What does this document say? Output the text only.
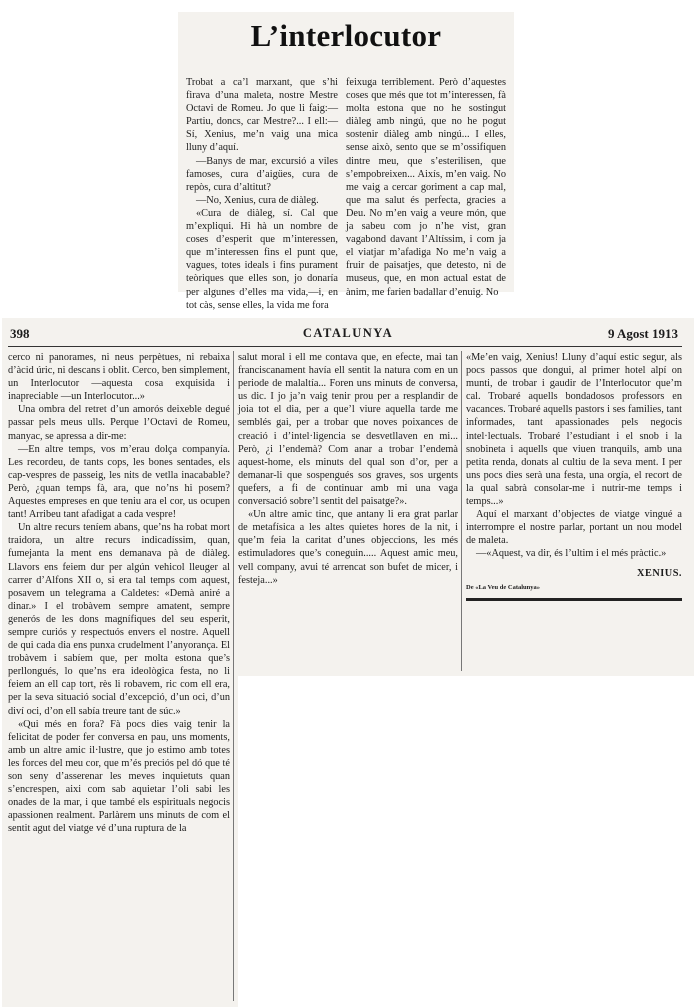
L’interlocutor

Trobat a ca’l marxant, que s’hi firava d’una maleta, nostre Mestre Octavi de Romeu. Jo que li faig:—Partiu, doncs, car Mestre?... I ell:—Sí, Xenius, me’n vaig una mica lluny d’aquí.

—Banys de mar, excursió a viles famoses, cura d’aigües, cura de repòs, cura d’altitut?

—No, Xenius, cura de diàleg.

«Cura de diàleg, sí. Cal que m’expliqui. Hi hà un nombre de coses d’esperit que m’interessen, que m’interessen fins el punt que, vagues, totes ideals i fins purament teòriques que elles son, jo donaría per algunes d’elles ma vida,—i, en tot càs, sense elles, la vida me fora

feixuga terriblement. Però d’aquestes coses que més que tot m’interessen, fà molta estona que no he sostingut diàleg amb ningú, que no he pogut sostenir diàleg amb ningú... I elles, sense això, sento que se m’ossifiquen dintre meu, que s’esterilisen, que s’empobreixen... Aixís, m’en vaig. No me vaig a cercar goriment a cap mal, que ma salut és perfecta, gracies a Deu. No m’en vaig a veure món, que ja sabeu com jo n’he vist, gran vagabond davant l’Altíssim, i com ja el viatjar m’afadiga No me’n vaig a fruir de paisatjes, que detesto, ni de museus, que, en mon actual estat de ànim, me farien badallar d’enuig. No

398	CATALUNYA	9 Agost 1913

cerco ni panorames, ni neus perpètues, ni rebaixa d’àcid úric, ni descans i oblit. Cerco, ben simplement, un Interlocutor —aquesta cosa exquisida i inapreciable —un Interlocutor...»

Una ombra del retret d’un amorós deixeble degué passar pels meus ulls. Perque l’Octavi de Romeu, manyac, se apressa a dir-me:

—En altre temps, vos m’erau dolça companyía. Les recordeu, de tants cops, les bones sentades, els cap-vespres de passeig, les nits de vetlla inacabable? Però, ¿quan temps fà, ara, que no’ns hi posem? Aquestes empreses en que teniu ara el cor, us ocupen tant! Arribeu tant afadigat a cada vespre!

Un altre recurs teníem abans, que’ns ha robat mort traidora, un altre recurs indicadíssim, quan, fumejanta la ment ens demanava pà de diàleg. Llavors ens feiem dur per algún vehicol lleuger al carrer d’Alfons XII o, si era tal temps com aquest, posavem un telegrama a Caldetes: «Demà aniré a dinar.» I el trobàvem sempre amatent, sempre generós de les dons magnífiques del seu esperit, sempre curiós y respectuós envers el nostre. Aquell de qui cada dia ens punxa crudelment l’anyorança. El trobàvem i sabíem que, per molta estona que’s perllongués, lo que’ns era ideològica festa, no li feiem an ell cap tort, rès li robavem, ric com ell era, per la seva situació social d’excepció, d’un oci, d’un diví oci, d’on ell sabía treure tant de súc.»

«Qui més en fora? Fà pocs dies vaig tenir la felicitat de poder fer conversa en pau, uns moments, amb un altre amic il·lustre, que jo estimo amb totes les forces del meu cor, que m’és preciós pel dó que té son seny d’asserenar les meves inquietuts quan s’encrespen, aixi com sab aquietar l’oli sabi les onades de la mar, i que també els espirituals negocis apassionen realment. Parlàrem uns minuts de com el sentit agut del viatge vé d’una ruptura de la

salut moral i ell me contava que, en efecte, mai tan franciscanament havía ell sentit la natura com en un periode de malaltía... Foren uns minuts de conversa, us dic. I jo ja’n vaig tenir prou per a resplandir de joia tot el dia, per a que’l viure aquella tarde me semblés gai, per a trobar que noves poixances de creació i d’intel·ligencia se desvetllaven en mi... Però, ¿i l’endemà? Com anar a trobar l’endemà aquest-home, els minuts del qual son d’or, per a demanar-li que sospengués sos graves, sos urgents quefers, a fi de continuar amb mi una vaga conversació sobre’l sentit del paisatge?».

«Un altre amic tinc, que antany li era grat parlar de metafísica a les altes quietes hores de la nit, i que’m feia la caritat d’unes objeccions, les més estimuladores que’s coneguin..... Aquest amic meu, vell company, avui té arrencat son bufet de micer, i festeja...»

«Me’en vaig, Xenius! Lluny d’aquí estic segur, als pocs passos que dongui, al primer hotel alpí on munti, de trobar i gaudir de l’Interlocutor que’m cal. Trobaré aquells bondadosos professors en vacances. Trobaré aquells pastors i ses families, tant informades, tant apassionades pels negocis intel·lectuals. Trobaré l’estudiant i el snob i la snobineta i aquells que viuen tranquils, amb una petita renda, donats al cultiu de la seva ment. I per uns pocs dies serà una festa, una orgía, el recort de la qual sabrà consolar-me i nutrir-me temps i temps...»

Aquí el marxant d’objectes de viatge vingué a interrompre el nostre parlar, portant un nou model de maleta.

—«Aquest, va dir, és l’ultim i el més pràctic.»

XENIUS.

De «La Veu de Catalunya»
